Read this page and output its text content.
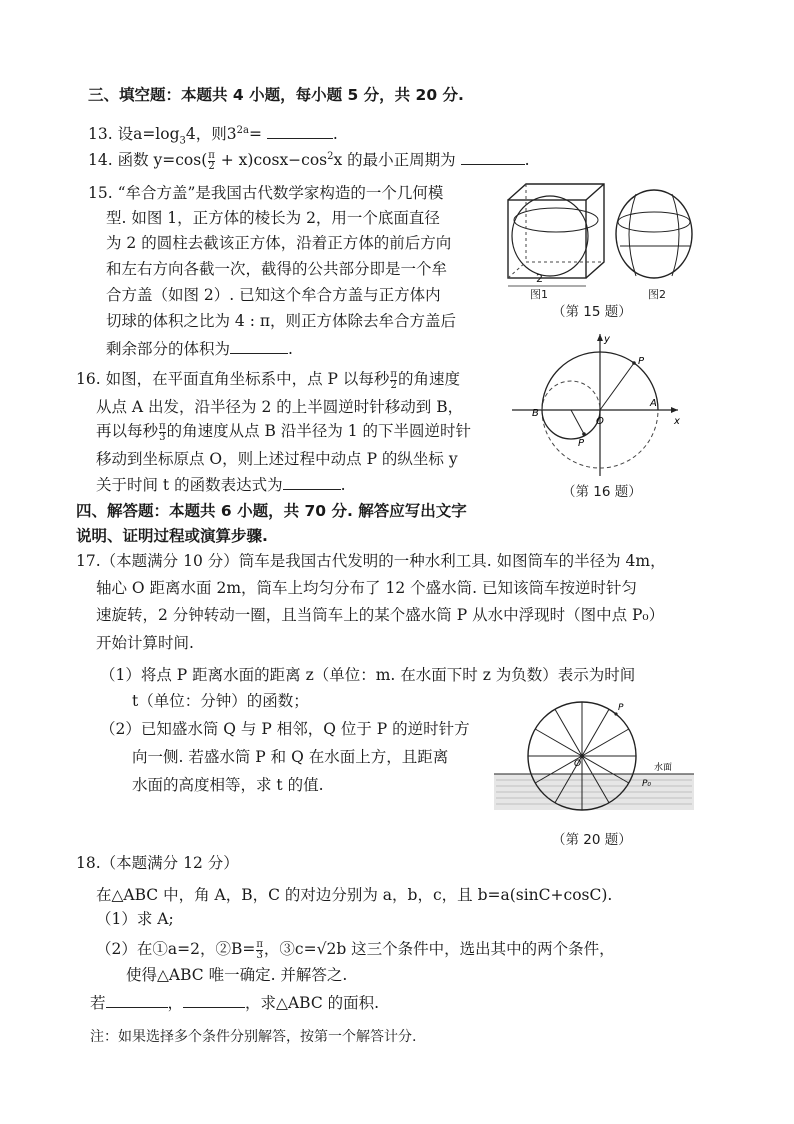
三、填空题：本题共 4 小题，每小题 5 分，共 20 分.
13. 设$a=\log_34$，则$3^{2a}=$	.
14. 函数 $y=\cos( \frac{\pi}{2} + x)\cos x-\cos^2x$ 的最小正周期为	.
15. “牟合方盖”是我国古代数学家构造的一个几何模
型. 如图 1，正方体的棱长为 2，用一个底面直径
为 2 的圆柱去截该正方体，沿着正方体的前后方向
和左右方向各截一次，截得的公共部分即是一个牟
合方盖（如图 2）. 已知这个牟合方盖与正方体内
切球的体积之比为 4 : π，则正方体除去牟合方盖后
剩余部分的体积为	.
2
图1	图2
（第 15 题）
16. 如图，在平面直角坐标系中，点 P 以每秒 $\frac{\pi}{2}$ 的角速度
从点 A 出发，沿半径为 2 的上半圆逆时针移动到 B，
再以每秒 $\frac{\pi}{3}$ 的角速度从点 B 沿半径为 1 的下半圆逆时针
移动到坐标原点 O，则上述过程中动点 P 的纵坐标 y
关于时间 t 的函数表达式为	.
y
x
P
B
O
A
P
（第 16 题）
四、解答题：本题共 6 小题，共 70 分. 解答应写出文字
说明、证明过程或演算步骤.
17.（本题满分 10 分）筒车是我国古代发明的一种水利工具. 如图筒车的半径为 4m，
轴心 O 距离水面 2m，筒车上均匀分布了 12 个盛水筒. 已知该筒车按逆时针匀
速旋转，2 分钟转动一圈，且当筒车上的某个盛水筒 P 从水中浮现时（图中点 P₀）
开始计算时间.
（1）将点 P 距离水面的距离 z（单位：m. 在水面下时 z 为负数）表示为时间
t（单位：分钟）的函数；
（2）已知盛水筒 Q 与 P 相邻，Q 位于 P 的逆时针方
向一侧. 若盛水筒 P 和 Q 在水面上方，且距离
水面的高度相等，求 t 的值.
P
O	水面
P₀
（第 20 题）
18.（本题满分 12 分）
在△ABC 中，角 A，B，C 的对边分别为 a，b，c，且 b=a(sinC+cosC).
（1）求 A;
（2）在①a=2，②B= $\frac{\pi}{3}$ ，③c=√2b 这三个条件中，选出其中的两个条件，
使得△ABC 唯一确定. 并解答之.
若	，	，求△ABC 的面积.
注：如果选择多个条件分别解答，按第一个解答计分.
